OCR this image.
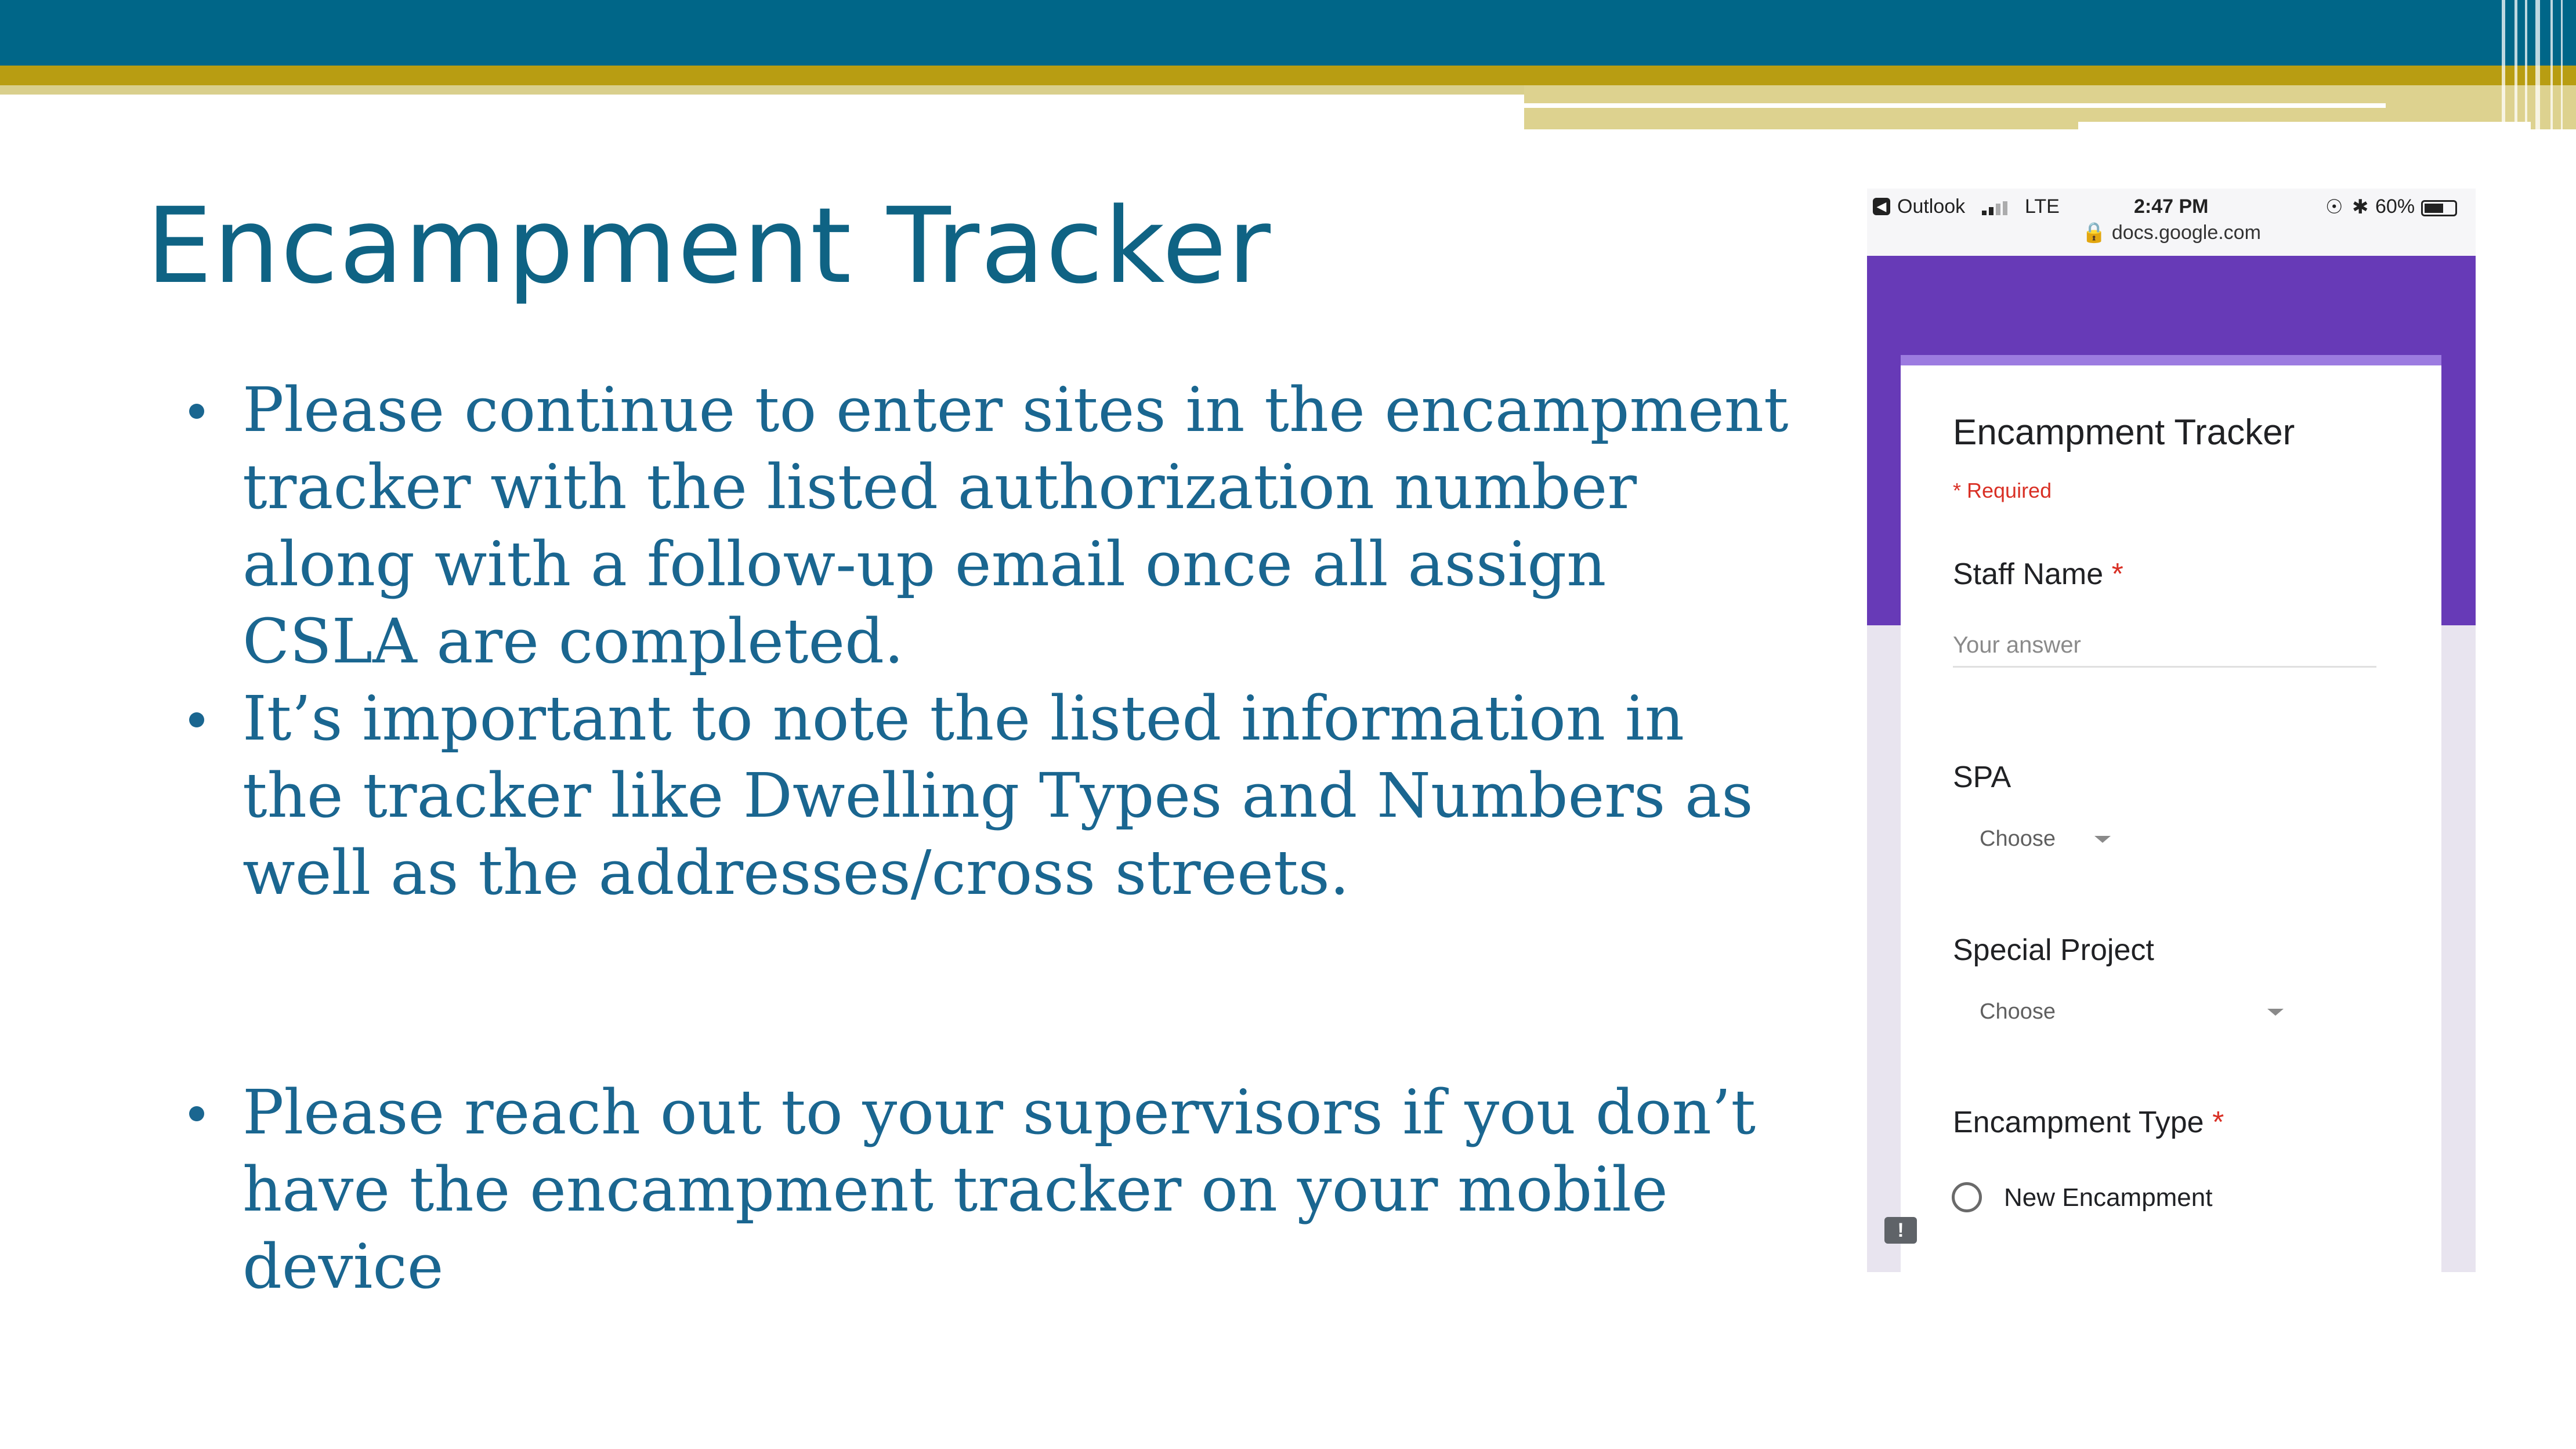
Encampment Tracker
Please continue to enter sites in the encampment tracker with the listed authorization number along with a follow-up email once all assign CSLA are completed.
It’s important to note the listed information in the tracker like Dwelling Types and Numbers as well as the addresses/cross streets.
Please reach out to your supervisors if you don’t have the encampment tracker on your mobile device
◀ Outlook	LTE	2:47 PM	☉ ✱ 60%
🔒 docs.google.com
Encampment Tracker
* Required
Staff Name *
Your answer
SPA
Choose
Special Project
Choose
Encampment Type *
New Encampment
!
